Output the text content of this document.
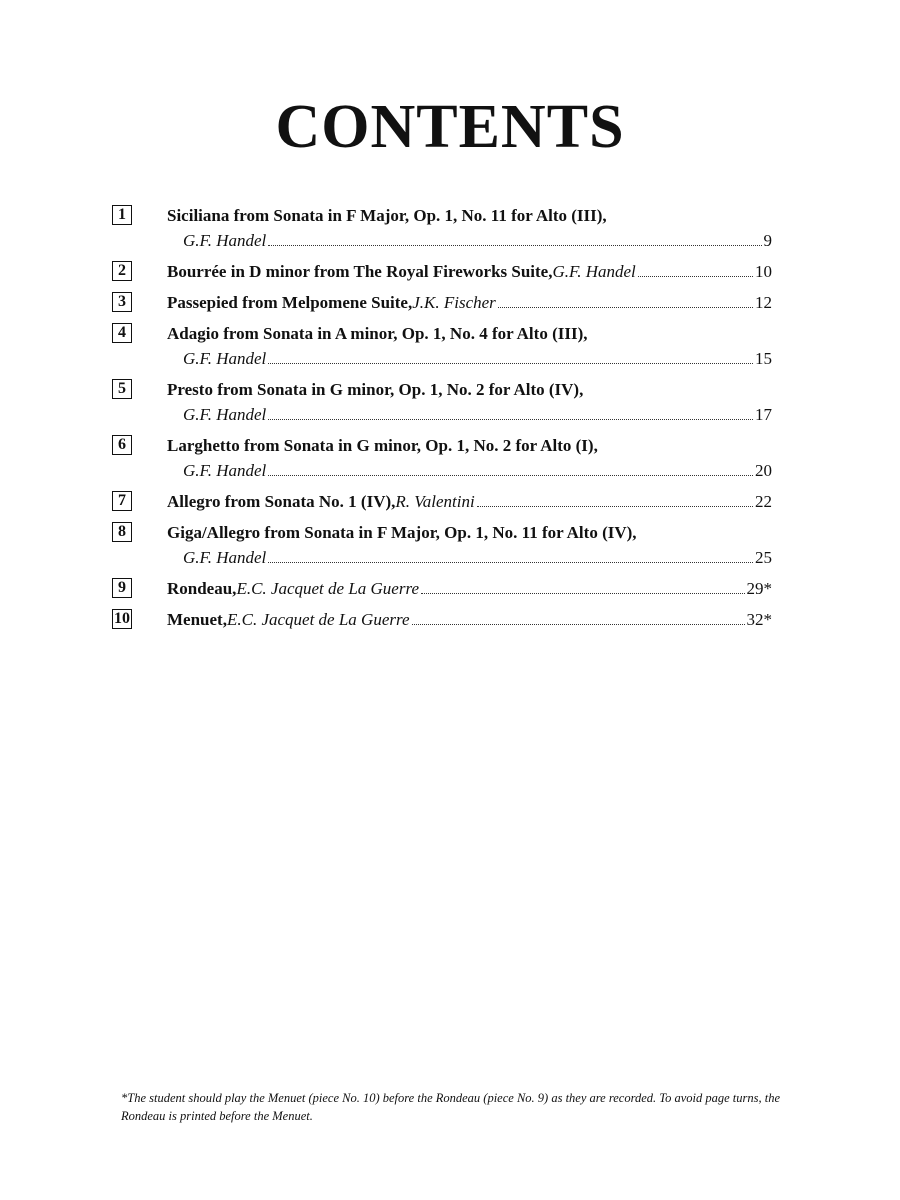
CONTENTS
1	Siciliana from Sonata in F Major, Op. 1, No. 11 for Alto (III),
G.F. Handel	9
2	Bourrée in D minor from The Royal Fireworks Suite, G.F. Handel	10
3	Passepied from Melpomene Suite, J.K. Fischer	12
4	Adagio from Sonata in A minor, Op. 1, No. 4 for Alto (III),
G.F. Handel	15
5	Presto from Sonata in G minor, Op. 1, No. 2 for Alto (IV),
G.F. Handel	17
6	Larghetto from Sonata in G minor, Op. 1, No. 2 for Alto (I),
G.F. Handel	20
7	Allegro from Sonata No. 1 (IV), R. Valentini	22
8	Giga/Allegro from Sonata in F Major, Op. 1, No. 11 for Alto (IV),
G.F. Handel	25
9	Rondeau, E.C. Jacquet de La Guerre	29*
10 Menuet, E.C. Jacquet de La Guerre	32*

*The student should play the Menuet (piece No. 10) before the Rondeau (piece No. 9) as they are recorded. To avoid page turns, the Rondeau is printed before the Menuet.
